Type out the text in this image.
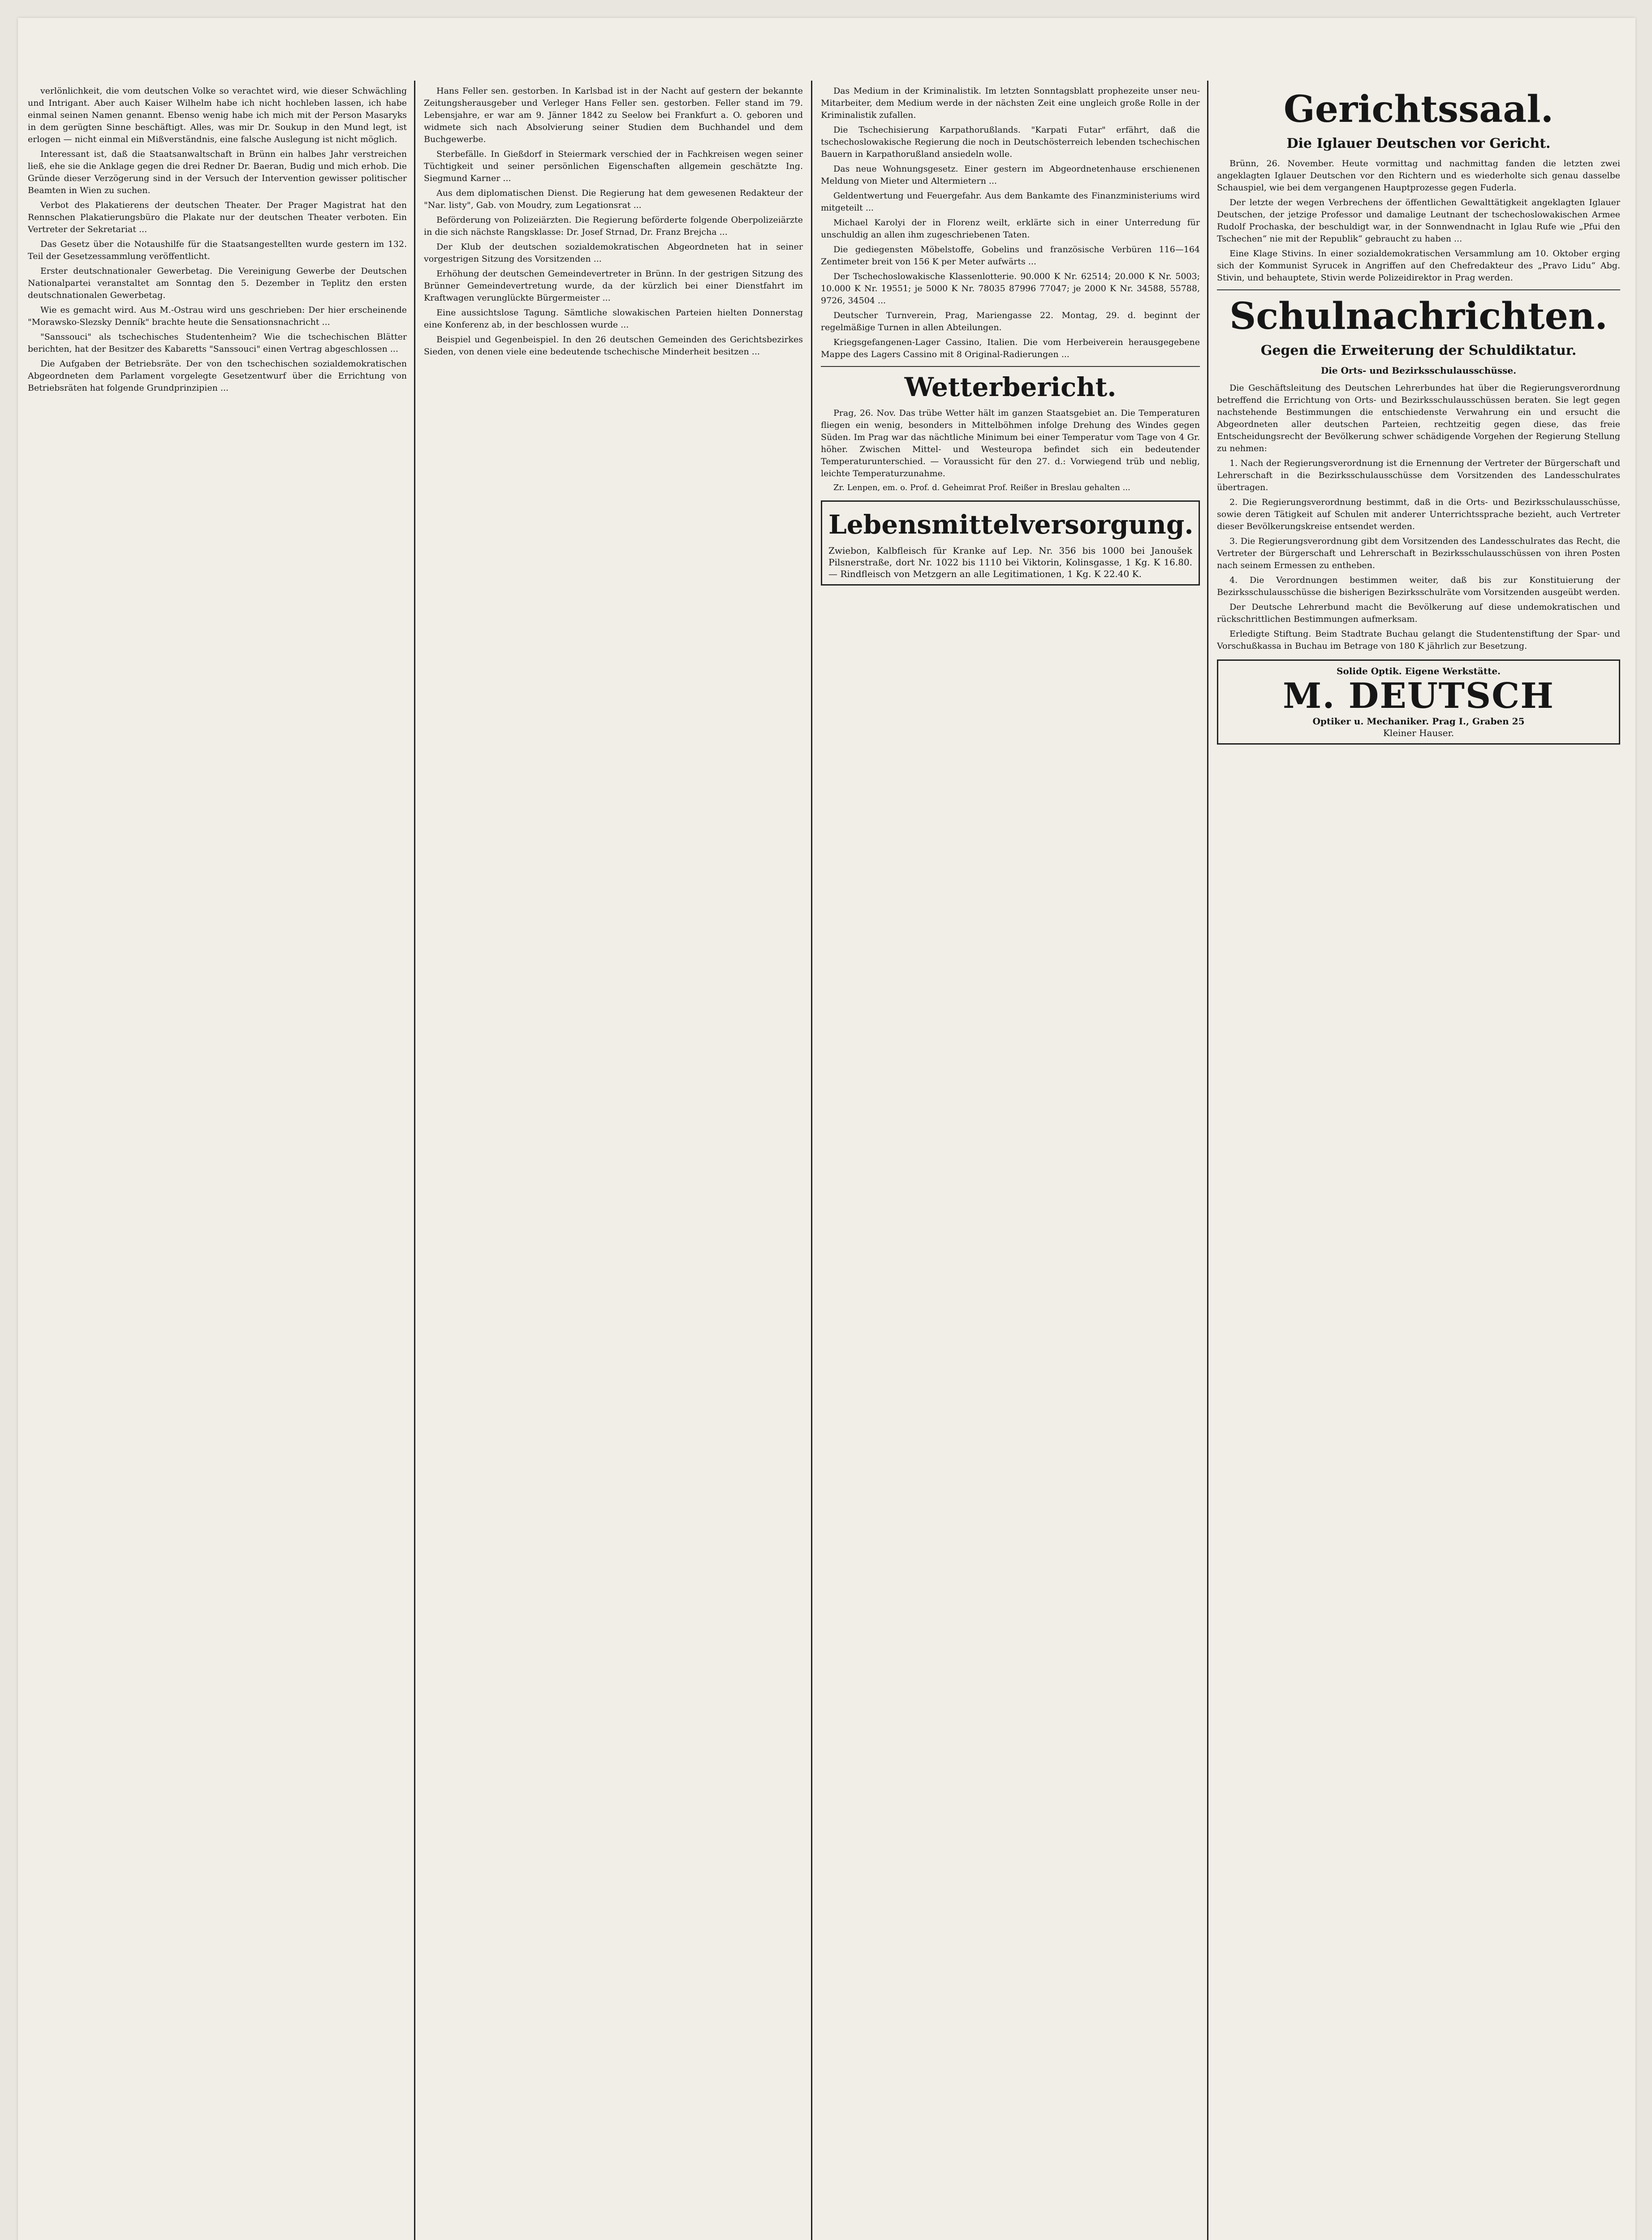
verlönlichkeit, die vom deutschen Volke so verachtet wird, wie dieser Schwächling und Intrigant. Aber auch Kaiser Wilhelm habe ich nicht hochleben lassen, ich habe einmal seinen Namen genannt. Ebenso wenig habe ich mich mit der Person Masaryks in dem gerügten Sinne beschäftigt. Alles, was mir Dr. Soukup in den Mund legt, ist erlogen — nicht einmal ein Mißverständnis, eine falsche Auslegung ist nicht möglich.

Interessant ist, daß die Staatsanwaltschaft in Brünn ein halbes Jahr verstreichen ließ, ehe sie die Anklage gegen die drei Redner Dr. Baeran, Budig und mich erhob. Die Gründe dieser Verzögerung sind in der Versuch der Intervention gewisser politischer Beamten in Wien zu suchen.

Verbot des Plakatierens der deutschen Theater. Der Prager Magistrat hat den Rennschen Plakatierungsbüro die Plakate nur der deutschen Theater verboten. Ein Vertreter der Sekretariat ...

Das Gesetz über die Notaushilfe für die Staatsangestellten wurde gestern im 132. Teil der Gesetzessammlung veröffentlicht.

Erster deutschnationaler Gewerbetag. Die Vereinigung Gewerbe der Deutschen Nationalpartei veranstaltet am Sonntag den 5. Dezember in Teplitz den ersten deutschnationalen Gewerbetag.

Wie es gemacht wird. Aus M.-Ostrau wird uns geschrieben: Der hier erscheinende "Morawsko-Slezsky Denník" brachte heute die Sensationsnachricht ...

"Sanssouci" als tschechisches Studentenheim? Wie die tschechischen Blätter berichten, hat der Besitzer des Kabaretts "Sanssouci" einen Vertrag abgeschlossen ...

Die Aufgaben der Betriebsräte. Der von den tschechischen sozialdemokratischen Abgeordneten dem Parlament vorgelegte Gesetzentwurf über die Errichtung von Betriebsräten hat folgende Grundprinzipien ...

Hans Feller sen. gestorben. In Karlsbad ist in der Nacht auf gestern der bekannte Zeitungsherausgeber und Verleger Hans Feller sen. gestorben. Feller stand im 79. Lebensjahre, er war am 9. Jänner 1842 zu Seelow bei Frankfurt a. O. geboren und widmete sich nach Absolvierung seiner Studien dem Buchhandel und dem Buchgewerbe.

Sterbefälle. In Gießdorf in Steiermark verschied der in Fachkreisen wegen seiner Tüchtigkeit und seiner persönlichen Eigenschaften allgemein geschätzte Ing. Siegmund Karner ...

Aus dem diplomatischen Dienst. Die Regierung hat dem gewesenen Redakteur der "Nar. listy", Gab. von Moudry, zum Legationsrat ...

Beförderung von Polizeiärzten. Die Regierung beförderte folgende Oberpolizeiärzte in die sich nächste Rangsklasse: Dr. Josef Strnad, Dr. Franz Brejcha ...

Der Klub der deutschen sozialdemokratischen Abgeordneten hat in seiner vorgestrigen Sitzung des Vorsitzenden ...

Erhöhung der deutschen Gemeindevertreter in Brünn. In der gestrigen Sitzung des Brünner Gemeindevertretung wurde, da der kürzlich bei einer Dienstfahrt im Kraftwagen verunglückte Bürgermeister ...

Eine aussichtslose Tagung. Sämtliche slowakischen Parteien hielten Donnerstag eine Konferenz ab, in der beschlossen wurde ...

Beispiel und Gegenbeispiel. In den 26 deutschen Gemeinden des Gerichtsbezirkes Sieden, von denen viele eine bedeutende tschechische Minderheit besitzen ...

Das Medium in der Kriminalistik. Im letzten Sonntagsblatt prophezeite unser neu-Mitarbeiter, dem Medium werde in der nächsten Zeit eine ungleich große Rolle in der Kriminalistik zufallen.

Die Tschechisierung Karpathorußlands. "Karpati Futar" erfährt, daß die tschechoslowakische Regierung die noch in Deutschösterreich lebenden tschechischen Bauern in Karpathorußland ansiedeln wolle.

Das neue Wohnungsgesetz. Einer gestern im Abgeordnetenhause erschienenen Meldung von Mieter und Altermietern ...

Geldentwertung und Feuergefahr. Aus dem Bankamte des Finanzministeriums wird mitgeteilt ...

Michael Karolyi der in Florenz weilt, erklärte sich in einer Unterredung für unschuldig an allen ihm zugeschriebenen Taten.

Die gediegensten Möbelstoffe, Gobelins und französische Verbüren 116—164 Zentimeter breit von 156 K per Meter aufwärts ...

Der Tschechoslowakische Klassenlotterie. 90.000 K Nr. 62514; 20.000 K Nr. 5003; 10.000 K Nr. 19551; je 5000 K Nr. 78035 87996 77047; je 2000 K Nr. 34588, 55788, 9726, 34504 ...

Deutscher Turnverein, Prag, Mariengasse 22. Montag, 29. d. beginnt der regelmäßige Turnen in allen Abteilungen.

Kriegsgefangenen-Lager Cassino, Italien. Die vom Herbeiverein herausgegebene Mappe des Lagers Cassino mit 8 Original-Radierungen ...

Wetterbericht.

Prag, 26. Nov. Das trübe Wetter hält im ganzen Staatsgebiet an. Die Temperaturen fliegen ein wenig, besonders in Mittelböhmen infolge Drehung des Windes gegen Süden. Im Prag war das nächtliche Minimum bei einer Temperatur vom Tage von 4 Gr. höher. Zwischen Mittel- und Westeuropa befindet sich ein bedeutender Temperaturunterschied. — Voraussicht für den 27. d.: Vorwiegend trüb und neblig, leichte Temperaturzunahme.

Zr. Lenpen, em. o. Prof. d. Geheimrat Prof. Reißer in Breslau gehalten ...

Lebensmittelversorgung.
Zwiebon, Kalbfleisch für Kranke auf Lep. Nr. 356 bis 1000 bei Janoušek Pilsnerstraße, dort Nr. 1022 bis 1110 bei Viktorin, Kolinsgasse, 1 Kg. K 16.80. — Rindfleisch von Metzgern an alle Legitimationen, 1 Kg. K 22.40 K.
Gerichtssaal.
Die Iglauer Deutschen vor Gericht.

Brünn, 26. November. Heute vormittag und nachmittag fanden die letzten zwei angeklagten Iglauer Deutschen vor den Richtern und es wiederholte sich genau dasselbe Schauspiel, wie bei dem vergangenen Hauptprozesse gegen Fuderla.

Der letzte der wegen Verbrechens der öffentlichen Gewalttätigkeit angeklagten Iglauer Deutschen, der jetzige Professor und damalige Leutnant der tschechoslowakischen Armee Rudolf Prochaska, der beschuldigt war, in der Sonnwendnacht in Iglau Rufe wie „Pfui den Tschechen“ nie mit der Republik“ gebraucht zu haben ...

Eine Klage Stivins. In einer sozialdemokratischen Versammlung am 10. Oktober erging sich der Kommunist Syrucek in Angriffen auf den Chefredakteur des „Pravo Lidu“ Abg. Stivin, und behauptete, Stivin werde Polizeidirektor in Prag werden.

Schulnachrichten.
Gegen die Erweiterung der Schuldiktatur.
Die Orts- und Bezirksschulausschüsse.

Die Geschäftsleitung des Deutschen Lehrerbundes hat über die Regierungsverordnung betreffend die Errichtung von Orts- und Bezirksschulausschüssen beraten. Sie legt gegen nachstehende Bestimmungen die entschiedenste Verwahrung ein und ersucht die Abgeordneten aller deutschen Parteien, rechtzeitig gegen diese, das freie Entscheidungsrecht der Bevölkerung schwer schädigende Vorgehen der Regierung Stellung zu nehmen:

1. Nach der Regierungsverordnung ist die Ernennung der Vertreter der Bürgerschaft und Lehrerschaft in die Bezirksschulausschüsse dem Vorsitzenden des Landesschulrates übertragen.

2. Die Regierungsverordnung bestimmt, daß in die Orts- und Bezirksschulausschüsse, sowie deren Tätigkeit auf Schulen mit anderer Unterrichtssprache bezieht, auch Vertreter dieser Bevölkerungskreise entsendet werden.

3. Die Regierungsverordnung gibt dem Vorsitzenden des Landesschulrates das Recht, die Vertreter der Bürgerschaft und Lehrerschaft in Bezirksschulausschüssen von ihren Posten nach seinem Ermessen zu entheben.

4. Die Verordnungen bestimmen weiter, daß bis zur Konstituierung der Bezirksschulausschüsse die bisherigen Bezirksschulräte vom Vorsitzenden ausgeübt werden.

Der Deutsche Lehrerbund macht die Bevölkerung auf diese undemokratischen und rückschrittlichen Bestimmungen aufmerksam.

Erledigte Stiftung. Beim Stadtrate Buchau gelangt die Studentenstiftung der Spar- und Vorschußkassa in Buchau im Betrage von 180 K jährlich zur Besetzung.

Solide Optik. Eigene Werkstätte.
M. DEUTSCH
Optiker u. Mechaniker. Prag I., Graben 25
Kleiner Hauser.
